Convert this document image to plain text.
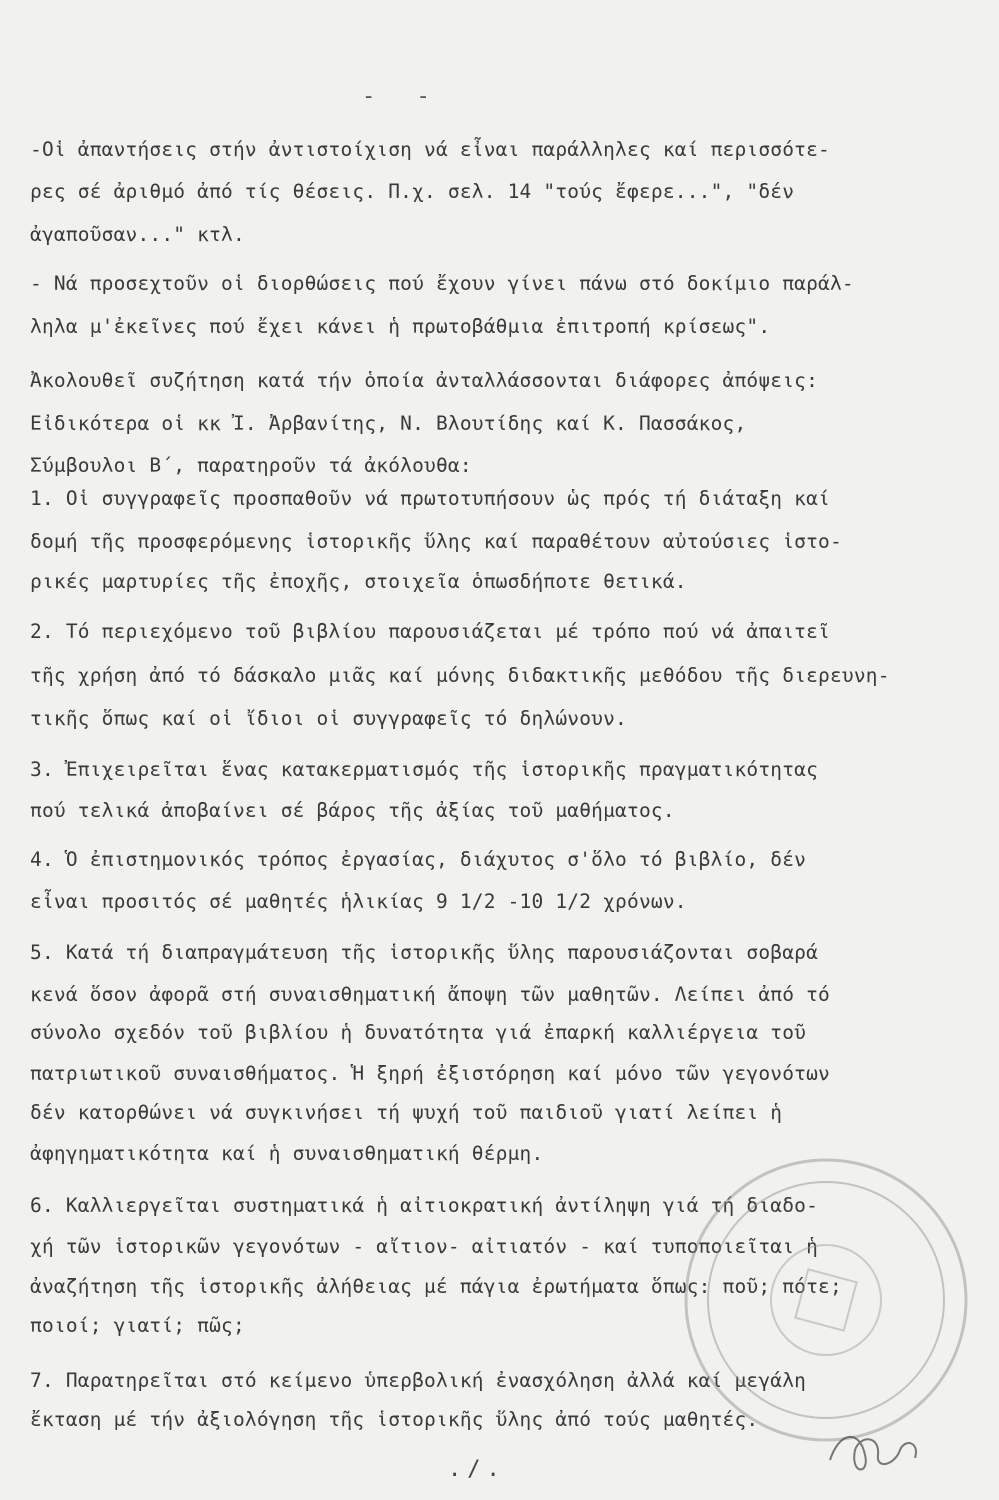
- -
-Οἱ ἀπαντήσεις στήν ἀντιστοίχιση νά εἶναι παράλληλες καί περισσότε-
ρες σέ ἀριθμό ἀπό τίς θέσεις. Π.χ. σελ. 14 "τούς ἔφερε...", "δέν
ἀγαποῦσαν..." κτλ.
- Νά προσεχτοῦν οἱ διορθώσεις πού ἔχουν γίνει πάνω στό δοκίμιο παράλ-
ληλα μ'ἐκεῖνες πού ἔχει κάνει ἡ πρωτοβάθμια ἐπιτροπή κρίσεως".
Ἀκολουθεῖ συζήτηση κατά τήν ὁποία ἀνταλλάσσονται διάφορες ἀπόψεις:
Εἰδικότερα οἱ κκ Ἰ. Ἀρβανίτης, Ν. Βλουτίδης καί Κ. Πασσάκος,
Σύμβουλοι Β΄, παρατηροῦν τά ἀκόλουθα:
1. Οἱ συγγραφεῖς προσπαθοῦν νά πρωτοτυπήσουν ὡς πρός τή διάταξη καί
δομή τῆς προσφερόμενης ἱστορικῆς ὕλης καί παραθέτουν αὐτούσιες ἱστο-
ρικές μαρτυρίες τῆς ἐποχῆς, στοιχεῖα ὁπωσδήποτε θετικά.
2. Τό περιεχόμενο τοῦ βιβλίου παρουσιάζεται μέ τρόπο πού νά ἀπαιτεῖ
τῆς χρήση ἀπό τό δάσκαλο μιᾶς καί μόνης διδακτικῆς μεθόδου τῆς διερευνη-
τικῆς ὅπως καί οἱ ἴδιοι οἱ συγγραφεῖς τό δηλώνουν.
3. Ἐπιχειρεῖται ἕνας κατακερματισμός τῆς ἱστορικῆς πραγματικότητας
πού τελικά ἀποβαίνει σέ βάρος τῆς ἀξίας τοῦ μαθήματος.
4. Ὁ ἐπιστημονικός τρόπος ἐργασίας, διάχυτος σ'ὅλο τό βιβλίο, δέν
εἶναι προσιτός σέ μαθητές ἡλικίας 9 1/2 -10 1/2 χρόνων.
5. Κατά τή διαπραγμάτευση τῆς ἱστορικῆς ὕλης παρουσιάζονται σοβαρά
κενά ὅσον ἀφορᾶ στή συναισθηματική ἄποψη τῶν μαθητῶν. Λείπει ἀπό τό
σύνολο σχεδόν τοῦ βιβλίου ἡ δυνατότητα γιά ἐπαρκή καλλιέργεια τοῦ
πατριωτικοῦ συναισθήματος. Ἡ ξηρή ἐξιστόρηση καί μόνο τῶν γεγονότων
δέν κατορθώνει νά συγκινήσει τή ψυχή τοῦ παιδιοῦ γιατί λείπει ἡ
ἀφηγηματικότητα καί ἡ συναισθηματική θέρμη.
6. Καλλιεργεῖται συστηματικά ἡ αἰτιοκρατική ἀντίληψη γιά τή διαδο-
χή τῶν ἱστορικῶν γεγονότων - αἴτιον- αἰτιατόν - καί τυποποιεῖται ἡ
ἀναζήτηση τῆς ἱστορικῆς ἀλήθειας μέ πάγια ἐρωτήματα ὅπως: ποῦ; πότε;
ποιοί; γιατί; πῶς;
7. Παρατηρεῖται στό κείμενο ὑπερβολική ἐνασχόληση ἀλλά καί μεγάλη
ἔκταση μέ τήν ἀξιολόγηση τῆς ἱστορικῆς ὕλης ἀπό τούς μαθητές.
./.
